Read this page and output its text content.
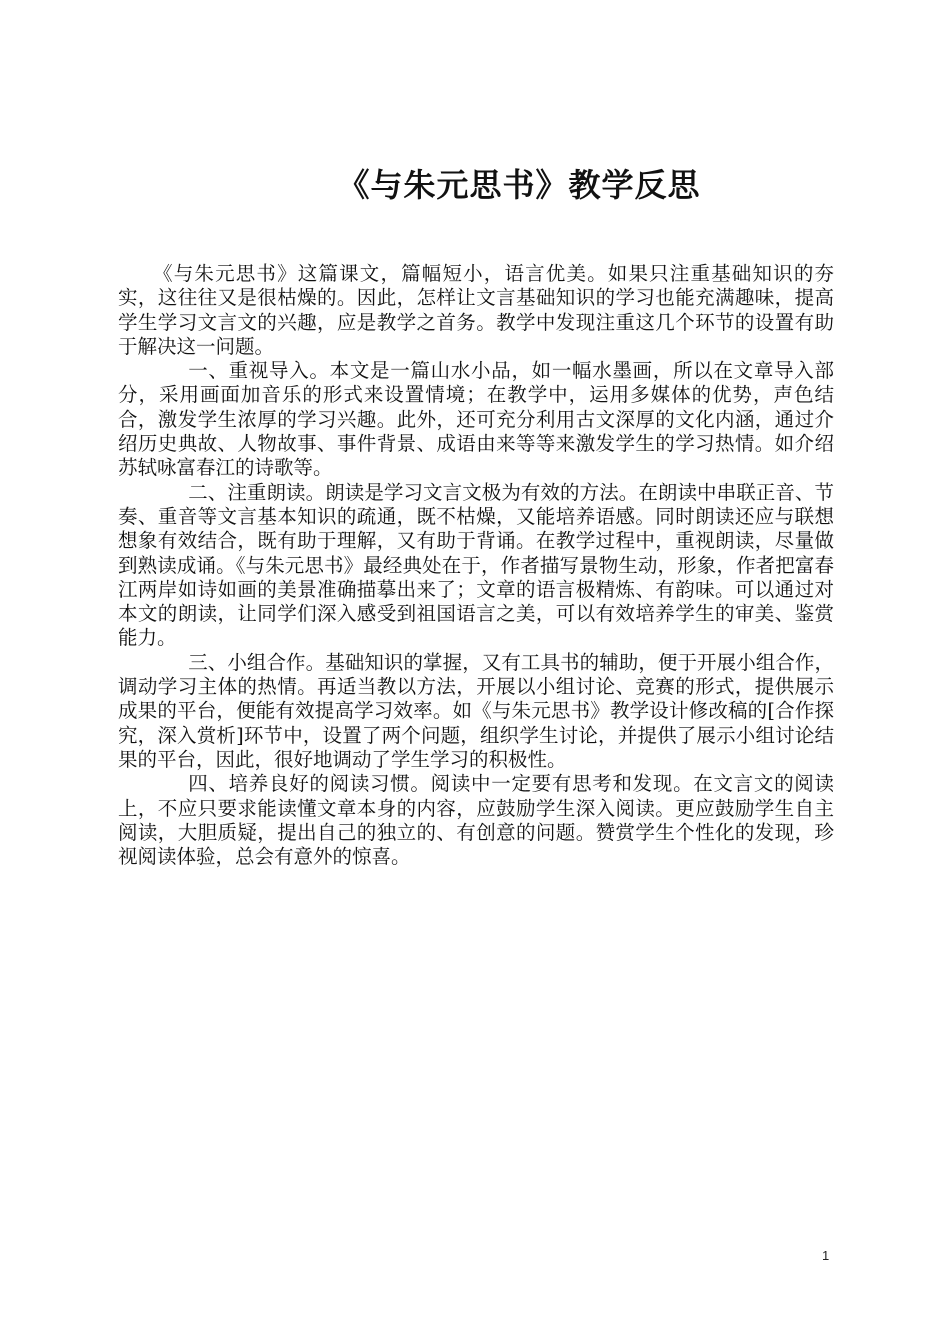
《与朱元思书》教学反思

《与朱元思书》这篇课文，篇幅短小，语言优美。如果只注重基础知识的夯实，这往往又是很枯燥的。因此，怎样让文言基础知识的学习也能充满趣味，提高学生学习文言文的兴趣，应是教学之首务。教学中发现注重这几个环节的设置有助于解决这一问题。

一、重视导入。本文是一篇山水小品，如一幅水墨画，所以在文章导入部分，采用画面加音乐的形式来设置情境；在教学中，运用多媒体的优势，声色结合，激发学生浓厚的学习兴趣。此外，还可充分利用古文深厚的文化内涵，通过介绍历史典故、人物故事、事件背景、成语由来等等来激发学生的学习热情。如介绍苏轼咏富春江的诗歌等。

二、注重朗读。朗读是学习文言文极为有效的方法。在朗读中串联正音、节奏、重音等文言基本知识的疏通，既不枯燥，又能培养语感。同时朗读还应与联想想象有效结合，既有助于理解，又有助于背诵。在教学过程中，重视朗读，尽量做到熟读成诵。《与朱元思书》最经典处在于，作者描写景物生动，形象，作者把富春江两岸如诗如画的美景准确描摹出来了；文章的语言极精炼、有韵味。可以通过对本文的朗读，让同学们深入感受到祖国语言之美，可以有效培养学生的审美、鉴赏能力。

三、小组合作。基础知识的掌握，又有工具书的辅助，便于开展小组合作，调动学习主体的热情。再适当教以方法，开展以小组讨论、竞赛的形式，提供展示成果的平台，便能有效提高学习效率。如《与朱元思书》教学设计修改稿的[合作探究，深入赏析]环节中，设置了两个问题，组织学生讨论，并提供了展示小组讨论结果的平台，因此，很好地调动了学生学习的积极性。

四、培养良好的阅读习惯。阅读中一定要有思考和发现。在文言文的阅读上，不应只要求能读懂文章本身的内容，应鼓励学生深入阅读。更应鼓励学生自主阅读，大胆质疑，提出自己的独立的、有创意的问题。赞赏学生个性化的发现，珍视阅读体验，总会有意外的惊喜。

1
